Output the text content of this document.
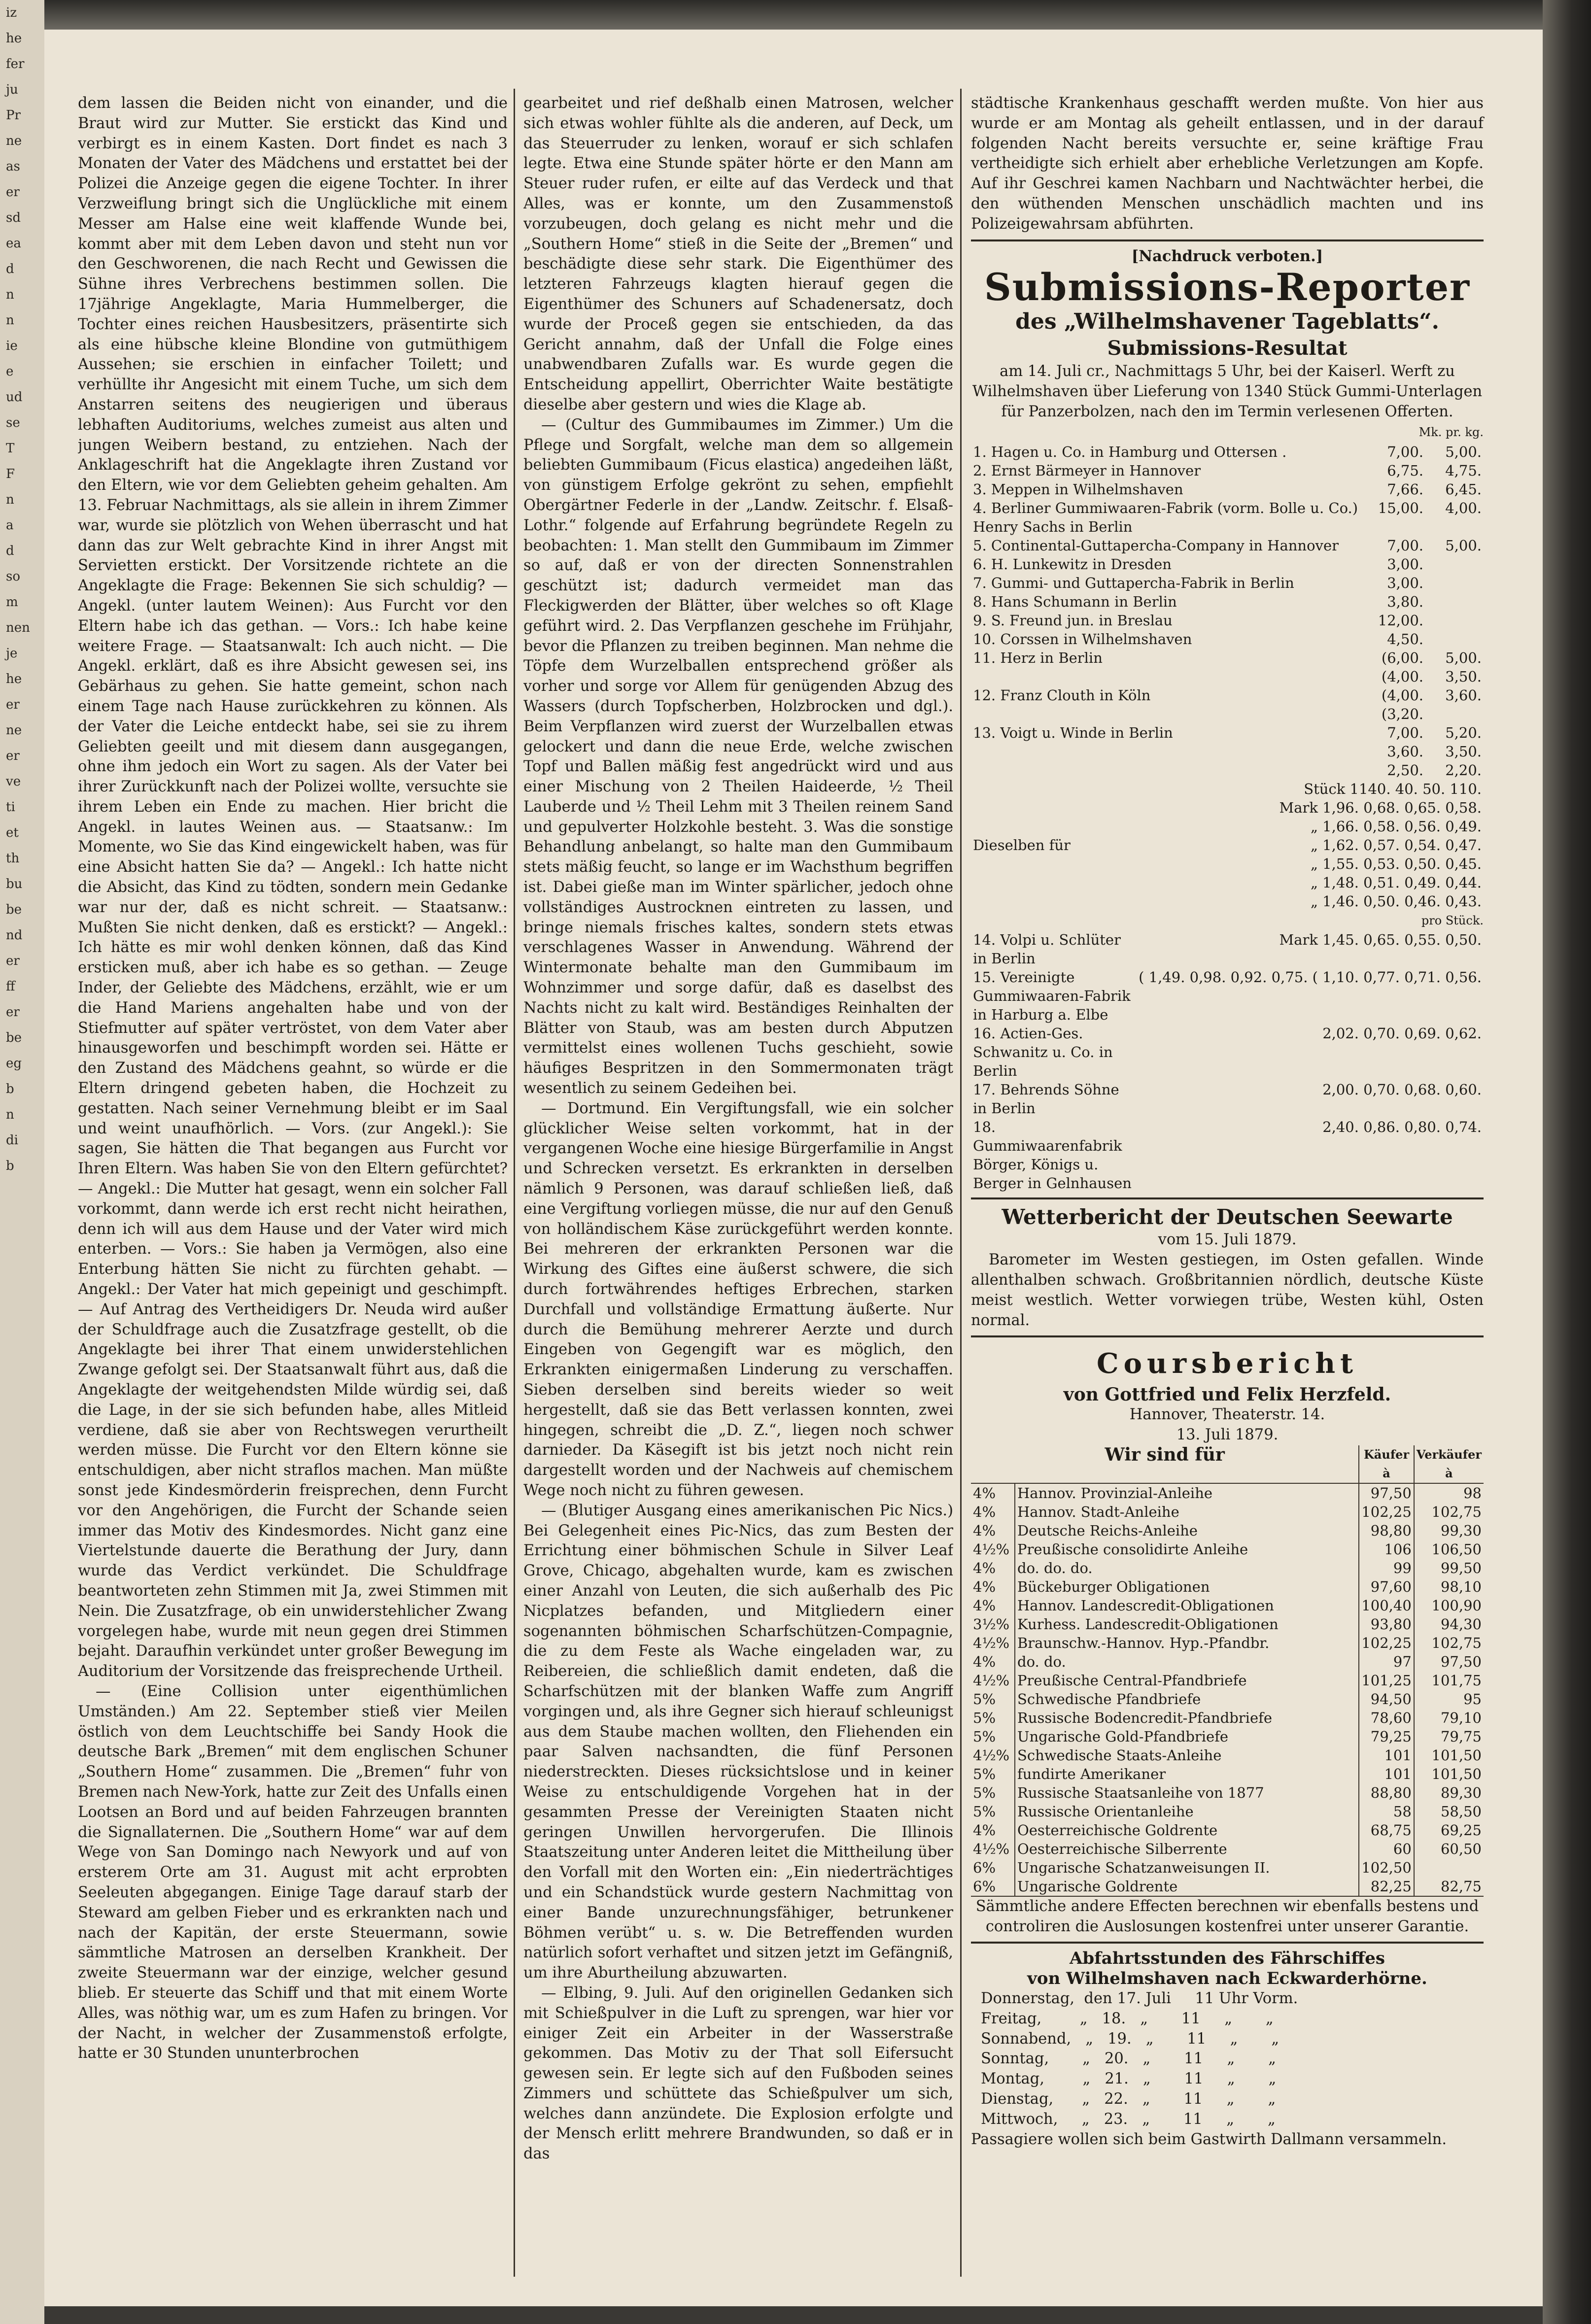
iz
he
fer
ju
Pr
ne
as
er
sd
ea
d
n
n
ie
e
ud
se
T
F
n
a
d
so
m
nen
je
he
er
ne
er
ve
ti
et
th
bu
be
nd
er
ff
er
be
eg
b
n
di
b

dem lassen die Beiden nicht von einander, und die Braut wird zur Mutter. Sie erstickt das Kind und verbirgt es in einem Kasten. Dort findet es nach 3 Monaten der Vater des Mädchens und erstattet bei der Polizei die Anzeige gegen die eigene Tochter. In ihrer Verzweiflung bringt sich die Unglückliche mit einem Messer am Halse eine weit klaffende Wunde bei, kommt aber mit dem Leben davon und steht nun vor den Geschworenen, die nach Recht und Gewissen die Sühne ihres Verbrechens bestimmen sollen. Die 17jährige Angeklagte, Maria Hummelberger, die Tochter eines reichen Hausbesitzers, präsentirte sich als eine hübsche kleine Blondine von gutmüthigem Aussehen; sie erschien in einfacher Toilett; und verhüllte ihr Angesicht mit einem Tuche, um sich dem Anstarren seitens des neugierigen und überaus lebhaften Auditoriums, welches zumeist aus alten und jungen Weibern bestand, zu entziehen. Nach der Anklageschrift hat die Angeklagte ihren Zustand vor den Eltern, wie vor dem Geliebten geheim gehalten. Am 13. Februar Nachmittags, als sie allein in ihrem Zimmer war, wurde sie plötzlich von Wehen überrascht und hat dann das zur Welt gebrachte Kind in ihrer Angst mit Servietten erstickt. Der Vorsitzende richtete an die Angeklagte die Frage: Bekennen Sie sich schuldig? — Angekl. (unter lautem Weinen): Aus Furcht vor den Eltern habe ich das gethan. — Vors.: Ich habe keine weitere Frage. — Staatsanwalt: Ich auch nicht. — Die Angekl. erklärt, daß es ihre Absicht gewesen sei, ins Gebärhaus zu gehen. Sie hatte gemeint, schon nach einem Tage nach Hause zurückkehren zu können. Als der Vater die Leiche entdeckt habe, sei sie zu ihrem Geliebten geeilt und mit diesem dann ausgegangen, ohne ihm jedoch ein Wort zu sagen. Als der Vater bei ihrer Zurückkunft nach der Polizei wollte, versuchte sie ihrem Leben ein Ende zu machen. Hier bricht die Angekl. in lautes Weinen aus. — Staatsanw.: Im Momente, wo Sie das Kind eingewickelt haben, was für eine Absicht hatten Sie da? — Angekl.: Ich hatte nicht die Absicht, das Kind zu tödten, sondern mein Gedanke war nur der, daß es nicht schreit. — Staatsanw.: Mußten Sie nicht denken, daß es erstickt? — Angekl.: Ich hätte es mir wohl denken können, daß das Kind ersticken muß, aber ich habe es so gethan. — Zeuge Inder, der Geliebte des Mädchens, erzählt, wie er um die Hand Mariens angehalten habe und von der Stiefmutter auf später vertröstet, von dem Vater aber hinausgeworfen und beschimpft worden sei. Hätte er den Zustand des Mädchens geahnt, so würde er die Eltern dringend gebeten haben, die Hochzeit zu gestatten. Nach seiner Vernehmung bleibt er im Saal und weint unaufhörlich. — Vors. (zur Angekl.): Sie sagen, Sie hätten die That begangen aus Furcht vor Ihren Eltern. Was haben Sie von den Eltern gefürchtet? — Angekl.: Die Mutter hat gesagt, wenn ein solcher Fall vorkommt, dann werde ich erst recht nicht heirathen, denn ich will aus dem Hause und der Vater wird mich enterben. — Vors.: Sie haben ja Vermögen, also eine Enterbung hätten Sie nicht zu fürchten gehabt. — Angekl.: Der Vater hat mich gepeinigt und geschimpft. — Auf Antrag des Vertheidigers Dr. Neuda wird außer der Schuldfrage auch die Zusatzfrage gestellt, ob die Angeklagte bei ihrer That einem unwiderstehlichen Zwange gefolgt sei. Der Staatsanwalt führt aus, daß die Angeklagte der weitgehendsten Milde würdig sei, daß die Lage, in der sie sich befunden habe, alles Mitleid verdiene, daß sie aber von Rechtswegen verurtheilt werden müsse. Die Furcht vor den Eltern könne sie entschuldigen, aber nicht straflos machen. Man müßte sonst jede Kindesmörderin freisprechen, denn Furcht vor den Angehörigen, die Furcht der Schande seien immer das Motiv des Kindesmordes. Nicht ganz eine Viertelstunde dauerte die Berathung der Jury, dann wurde das Verdict verkündet. Die Schuldfrage beantworteten zehn Stimmen mit Ja, zwei Stimmen mit Nein. Die Zusatzfrage, ob ein unwiderstehlicher Zwang vorgelegen habe, wurde mit neun gegen drei Stimmen bejaht. Daraufhin verkündet unter großer Bewegung im Auditorium der Vorsitzende das freisprechende Urtheil.

— (Eine Collision unter eigenthümlichen Umständen.) Am 22. September stieß vier Meilen östlich von dem Leuchtschiffe bei Sandy Hook die deutsche Bark „Bremen“ mit dem englischen Schuner „Southern Home“ zusammen. Die „Bremen“ fuhr von Bremen nach New-York, hatte zur Zeit des Unfalls einen Lootsen an Bord und auf beiden Fahrzeugen brannten die Signallaternen. Die „Southern Home“ war auf dem Wege von San Domingo nach Newyork und auf von ersterem Orte am 31. August mit acht erprobten Seeleuten abgegangen. Einige Tage darauf starb der Steward am gelben Fieber und es erkrankten nach und nach der Kapitän, der erste Steuermann, sowie sämmtliche Matrosen an derselben Krankheit. Der zweite Steuermann war der einzige, welcher gesund blieb. Er steuerte das Schiff und that mit einem Worte Alles, was nöthig war, um es zum Hafen zu bringen. Vor der Nacht, in welcher der Zusammenstoß erfolgte, hatte er 30 Stunden ununterbrochen

gearbeitet und rief deßhalb einen Matrosen, welcher sich etwas wohler fühlte als die anderen, auf Deck, um das Steuerruder zu lenken, worauf er sich schlafen legte. Etwa eine Stunde später hörte er den Mann am Steuer ruder rufen, er eilte auf das Verdeck und that Alles, was er konnte, um den Zusammenstoß vorzubeugen, doch gelang es nicht mehr und die „Southern Home“ stieß in die Seite der „Bremen“ und beschädigte diese sehr stark. Die Eigenthümer des letzteren Fahrzeugs klagten hierauf gegen die Eigenthümer des Schuners auf Schadenersatz, doch wurde der Proceß gegen sie entschieden, da das Gericht annahm, daß der Unfall die Folge eines unabwendbaren Zufalls war. Es wurde gegen die Entscheidung appellirt, Oberrichter Waite bestätigte dieselbe aber gestern und wies die Klage ab.

— (Cultur des Gummibaumes im Zimmer.) Um die Pflege und Sorgfalt, welche man dem so allgemein beliebten Gummibaum (Ficus elastica) angedeihen läßt, von günstigem Erfolge gekrönt zu sehen, empfiehlt Obergärtner Federle in der „Landw. Zeitschr. f. Elsaß-Lothr.“ folgende auf Erfahrung begründete Regeln zu beobachten: 1. Man stellt den Gummibaum im Zimmer so auf, daß er von der directen Sonnenstrahlen geschützt ist; dadurch vermeidet man das Fleckigwerden der Blätter, über welches so oft Klage geführt wird. 2. Das Verpflanzen geschehe im Frühjahr, bevor die Pflanzen zu treiben beginnen. Man nehme die Töpfe dem Wurzelballen entsprechend größer als vorher und sorge vor Allem für genügenden Abzug des Wassers (durch Topfscherben, Holzbrocken und dgl.). Beim Verpflanzen wird zuerst der Wurzelballen etwas gelockert und dann die neue Erde, welche zwischen Topf und Ballen mäßig fest angedrückt wird und aus einer Mischung von 2 Theilen Haideerde, ½ Theil Lauberde und ½ Theil Lehm mit 3 Theilen reinem Sand und gepulverter Holzkohle besteht. 3. Was die sonstige Behandlung anbelangt, so halte man den Gummibaum stets mäßig feucht, so lange er im Wachsthum begriffen ist. Dabei gieße man im Winter spärlicher, jedoch ohne vollständiges Austrocknen eintreten zu lassen, und bringe niemals frisches kaltes, sondern stets etwas verschlagenes Wasser in Anwendung. Während der Wintermonate behalte man den Gummibaum im Wohnzimmer und sorge dafür, daß es daselbst des Nachts nicht zu kalt wird. Beständiges Reinhalten der Blätter von Staub, was am besten durch Abputzen vermittelst eines wollenen Tuchs geschieht, sowie häufiges Bespritzen in den Sommermonaten trägt wesentlich zu seinem Gedeihen bei.

— Dortmund. Ein Vergiftungsfall, wie ein solcher glücklicher Weise selten vorkommt, hat in der vergangenen Woche eine hiesige Bürgerfamilie in Angst und Schrecken versetzt. Es erkrankten in derselben nämlich 9 Personen, was darauf schließen ließ, daß eine Vergiftung vorliegen müsse, die nur auf den Genuß von holländischem Käse zurückgeführt werden konnte. Bei mehreren der erkrankten Personen war die Wirkung des Giftes eine äußerst schwere, die sich durch fortwährendes heftiges Erbrechen, starken Durchfall und vollständige Ermattung äußerte. Nur durch die Bemühung mehrerer Aerzte und durch Eingeben von Gegengift war es möglich, den Erkrankten einigermaßen Linderung zu verschaffen. Sieben derselben sind bereits wieder so weit hergestellt, daß sie das Bett verlassen konnten, zwei hingegen, schreibt die „D. Z.“, liegen noch schwer darnieder. Da Käsegift ist bis jetzt noch nicht rein dargestellt worden und der Nachweis auf chemischem Wege noch nicht zu führen gewesen.

— (Blutiger Ausgang eines amerikanischen Pic Nics.) Bei Gelegenheit eines Pic-Nics, das zum Besten der Errichtung einer böhmischen Schule in Silver Leaf Grove, Chicago, abgehalten wurde, kam es zwischen einer Anzahl von Leuten, die sich außerhalb des Pic Nicplatzes befanden, und Mitgliedern einer sogenannten böhmischen Scharfschützen-Compagnie, die zu dem Feste als Wache eingeladen war, zu Reibereien, die schließlich damit endeten, daß die Scharfschützen mit der blanken Waffe zum Angriff vorgingen und, als ihre Gegner sich hierauf schleunigst aus dem Staube machen wollten, den Fliehenden ein paar Salven nachsandten, die fünf Personen niederstreckten. Dieses rücksichtslose und in keiner Weise zu entschuldigende Vorgehen hat in der gesammten Presse der Vereinigten Staaten nicht geringen Unwillen hervorgerufen. Die Illinois Staatszeitung unter Anderen leitet die Mittheilung über den Vorfall mit den Worten ein: „Ein niederträchtiges und ein Schandstück wurde gestern Nachmittag von einer Bande unzurechnungsfähiger, betrunkener Böhmen verübt“ u. s. w. Die Betreffenden wurden natürlich sofort verhaftet und sitzen jetzt im Gefängniß, um ihre Aburtheilung abzuwarten.

— Elbing, 9. Juli. Auf den originellen Gedanken sich mit Schießpulver in die Luft zu sprengen, war hier vor einiger Zeit ein Arbeiter in der Wasserstraße gekommen. Das Motiv zu der That soll Eifersucht gewesen sein. Er legte sich auf den Fußboden seines Zimmers und schüttete das Schießpulver um sich, welches dann anzündete. Die Explosion erfolgte und der Mensch erlitt mehrere Brandwunden, so daß er in das

städtische Krankenhaus geschafft werden mußte. Von hier aus wurde er am Montag als geheilt entlassen, und in der darauf folgenden Nacht bereits versuchte er, seine kräftige Frau vertheidigte sich erhielt aber erhebliche Verletzungen am Kopfe. Auf ihr Geschrei kamen Nachbarn und Nachtwächter herbei, die den wüthenden Menschen unschädlich machten und ins Polizeigewahrsam abführten.

[Nachdruck verboten.]
Submissions-Reporter
des „Wilhelmshavener Tageblatts“.
Submissions-Resultat

am 14. Juli cr., Nachmittags 5 Uhr, bei der Kaiserl. Werft zu Wilhelmshaven über Lieferung von 1340 Stück Gummi-Unterlagen für Panzerbolzen, nach den im Termin verlesenen Offerten.

Mk. pr. kg.
1. Hagen u. Co. in Hamburg und Ottersen .	7,00.	5,00.
2. Ernst Bärmeyer in Hannover	6,75.	4,75.
3. Meppen in Wilhelmshaven	7,66.	6,45.
4. Berliner Gummiwaaren-Fabrik (vorm. Bolle u. Co.) Henry Sachs in Berlin	15,00.	4,00.
5. Continental-Guttapercha-Company in Hannover	7,00.	5,00.
6. H. Lunkewitz in Dresden	3,00.	
7. Gummi- und Guttapercha-Fabrik in Berlin	3,00.	
8. Hans Schumann in Berlin	3,80.	
9. S. Freund jun. in Breslau	12,00.	
10. Corssen in Wilhelmshaven	4,50.	
11. Herz in Berlin	(6,00.	5,00.
	(4,00.	3,50.
12. Franz Clouth in Köln	(4,00.	3,60.
	(3,20.	
13. Voigt u. Winde in Berlin	7,00.	5,20.
	3,60.	3,50.
	2,50.	2,20.
Dieselben für	
Stück 1140. 40. 50. 110.
Mark 1,96. 0,68. 0,65. 0,58.
„ 1,66. 0,58. 0,56. 0,49.
„ 1,62. 0,57. 0,54. 0,47.
„ 1,55. 0,53. 0,50. 0,45.
„ 1,48. 0,51. 0,49. 0,44.
„ 1,46. 0,50. 0,46. 0,43.
pro Stück.
14. Volpi u. Schlüter in Berlin	Mark 1,45. 0,65. 0,55. 0,50.
15. Vereinigte Gummiwaaren-Fabrik in Harburg a. Elbe	( 1,49. 0,98. 0,92. 0,75. ( 1,10. 0,77. 0,71. 0,56.
16. Actien-Ges. Schwanitz u. Co. in Berlin	2,02. 0,70. 0,69. 0,62.
17. Behrends Söhne in Berlin	2,00. 0,70. 0,68. 0,60.
18. Gummiwaarenfabrik Börger, Königs u. Berger in Gelnhausen	2,40. 0,86. 0,80. 0,74.
Wetterbericht der Deutschen Seewarte
vom 15. Juli 1879.

Barometer im Westen gestiegen, im Osten gefallen. Winde allenthalben schwach. Großbritannien nördlich, deutsche Küste meist westlich. Wetter vorwiegen trübe, Westen kühl, Osten normal.

Coursbericht
von Gottfried und Felix Herzfeld.
Hannover, Theaterstr. 14.
13. Juli 1879.
Wir sind für		Käufer à	Verkäufer à
4%	Hannov. Provinzial-Anleihe	97,50	98
4%	Hannov. Stadt-Anleihe	102,25	102,75
4%	Deutsche Reichs-Anleihe	98,80	99,30
4½%	Preußische consolidirte Anleihe	106	106,50
4%	do. do. do.	99	99,50
4%	Bückeburger Obligationen	97,60	98,10
4%	Hannov. Landescredit-Obligationen	100,40	100,90
3½%	Kurhess. Landescredit-Obligationen	93,80	94,30
4½%	Braunschw.-Hannov. Hyp.-Pfandbr.	102,25	102,75
4%	do. do.	97	97,50
4½%	Preußische Central-Pfandbriefe	101,25	101,75
5%	Schwedische Pfandbriefe	94,50	95
5%	Russische Bodencredit-Pfandbriefe	78,60	79,10
5%	Ungarische Gold-Pfandbriefe	79,25	79,75
4½%	Schwedische Staats-Anleihe	101	101,50
5%	fundirte Amerikaner	101	101,50
5%	Russische Staatsanleihe von 1877	88,80	89,30
5%	Russische Orientanleihe	58	58,50
4%	Oesterreichische Goldrente	68,75	69,25
4½%	Oesterreichische Silberrente	60	60,50
6%	Ungarische Schatzanweisungen II.	102,50	
6%	Ungarische Goldrente	82,25	82,75

Sämmtliche andere Effecten berechnen wir ebenfalls bestens und controliren die Auslosungen kostenfrei unter unserer Garantie.

Abfahrtsstunden des Fährschiffes
von Wilhelmshaven nach Eckwarderhörne.
Donnerstag,  den 17. Juli     11 Uhr Vorm.
Freitag,        „   18.   „       11     „       „
Sonnabend,   „   19.   „       11     „       „
Sonntag,       „   20.   „       11     „       „
Montag,        „   21.   „       11     „       „
Dienstag,      „   22.   „       11     „       „
Mittwoch,     „   23.   „       11     „       „

Passagiere wollen sich beim Gastwirth Dallmann versammeln.
